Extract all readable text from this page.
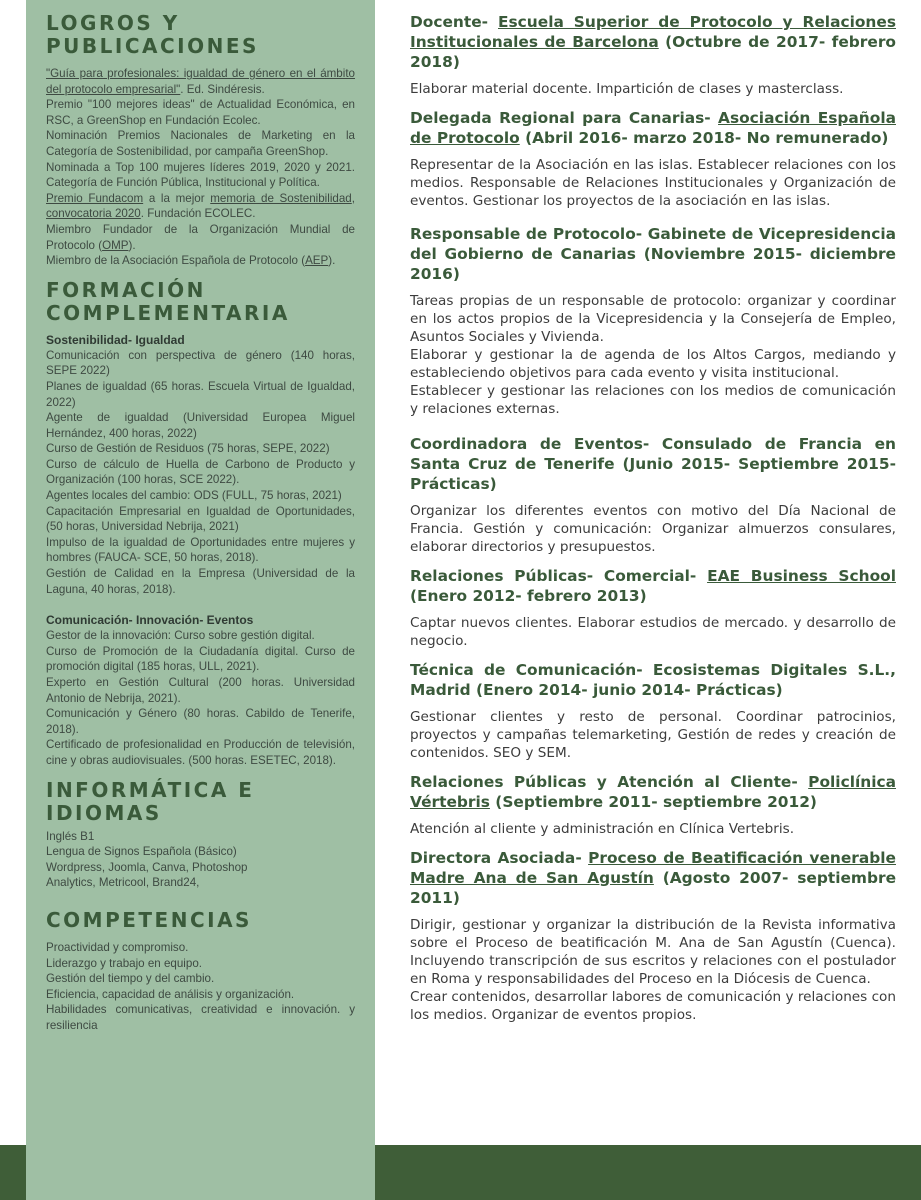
LOGROS Y PUBLICACIONES

"Guía para profesionales: igualdad de género en el ámbito del protocolo empresarial". Ed. Sindéresis.

Premio "100 mejores ideas" de Actualidad Económica, en RSC, a GreenShop en Fundación Ecolec.

Nominación Premios Nacionales de Marketing en la Categoría de Sostenibilidad, por campaña GreenShop.

Nominada a Top 100 mujeres líderes 2019, 2020 y 2021. Categoría de Función Pública, Institucional y Política.

Premio Fundacom a la mejor memoria de Sostenibilidad, convocatoria 2020. Fundación ECOLEC.

Miembro Fundador de la Organización Mundial de Protocolo (OMP).

Miembro de la Asociación Española de Protocolo (AEP).

FORMACIÓN
COMPLEMENTARIA

Sostenibilidad- Igualdad

Comunicación con perspectiva de género (140 horas, SEPE 2022)

Planes de igualdad (65 horas. Escuela Virtual de Igualdad, 2022)

Agente de igualdad (Universidad Europea Miguel Hernández, 400 horas, 2022)

Curso de Gestión de Residuos (75 horas, SEPE, 2022)

Curso de cálculo de Huella de Carbono de Producto y Organización (100 horas, SCE 2022).

Agentes locales del cambio: ODS (FULL, 75 horas, 2021)

Capacitación Empresarial en Igualdad de Oportunidades, (50 horas, Universidad Nebrija, 2021)

Impulso de la igualdad de Oportunidades entre mujeres y hombres (FAUCA- SCE, 50 horas, 2018).

Gestión de Calidad en la Empresa (Universidad de la Laguna, 40 horas, 2018).

Comunicación- Innovación- Eventos

Gestor de la innovación: Curso sobre gestión digital.

Curso de Promoción de la Ciudadanía digital. Curso de promoción digital (185 horas, ULL, 2021).

Experto en Gestión Cultural (200 horas. Universidad Antonio de Nebrija, 2021).

Comunicación y Género (80 horas. Cabildo de Tenerife, 2018).

Certificado de profesionalidad en Producción de televisión, cine y obras audiovisuales. (500 horas. ESETEC, 2018).

INFORMÁTICA E IDIOMAS

Inglés B1

Lengua de Signos Española (Básico)

Wordpress, Joomla, Canva, Photoshop

Analytics, Metricool, Brand24,

COMPETENCIAS

Proactividad y compromiso.

Liderazgo y trabajo en equipo.

Gestión del tiempo y del cambio.

Eficiencia, capacidad de análisis y organización.

Habilidades comunicativas, creatividad e innovación. y resiliencia

Docente- Escuela Superior de Protocolo y Relaciones Institucionales de Barcelona (Octubre de 2017- febrero 2018)

Elaborar material docente. Impartición de clases y masterclass.

Delegada Regional para Canarias- Asociación Española de Protocolo (Abril 2016- marzo 2018- No remunerado)

Representar de la Asociación en las islas. Establecer relaciones con los medios. Responsable de Relaciones Institucionales y Organización de eventos. Gestionar los proyectos de la asociación en las islas.

Responsable de Protocolo- Gabinete de Vicepresidencia del Gobierno de Canarias (Noviembre 2015- diciembre 2016)

Tareas propias de un responsable de protocolo: organizar y coordinar en los actos propios de la Vicepresidencia y la Consejería de Empleo, Asuntos Sociales y Vivienda.
Elaborar y gestionar la de agenda de los Altos Cargos, mediando y estableciendo objetivos para cada evento y visita institucional.
Establecer y gestionar las relaciones con los medios de comunicación y relaciones externas.

Coordinadora de Eventos- Consulado de Francia en Santa Cruz de Tenerife (Junio 2015- Septiembre 2015- Prácticas)

Organizar los diferentes eventos con motivo del Día Nacional de Francia. Gestión y comunicación: Organizar almuerzos consulares, elaborar directorios y presupuestos.

Relaciones Públicas- Comercial- EAE Business School (Enero 2012- febrero 2013)

Captar nuevos clientes. Elaborar estudios de mercado. y desarrollo de negocio.

Técnica de Comunicación- Ecosistemas Digitales S.L., Madrid (Enero 2014- junio 2014- Prácticas)

Gestionar clientes y resto de personal. Coordinar patrocinios, proyectos y campañas telemarketing, Gestión de redes y creación de contenidos. SEO y SEM.

Relaciones Públicas y Atención al Cliente- Policlínica Vértebris (Septiembre 2011- septiembre 2012)

Atención al cliente y administración en Clínica Vertebris.

Directora Asociada- Proceso de Beatificación venerable Madre Ana de San Agustín (Agosto 2007- septiembre 2011)

Dirigir, gestionar y organizar la distribución de la Revista informativa sobre el Proceso de beatificación M. Ana de San Agustín (Cuenca). Incluyendo transcripción de sus escritos y relaciones con el postulador en Roma y responsabilidades del Proceso en la Diócesis de Cuenca.
Crear contenidos, desarrollar labores de comunicación y relaciones con los medios. Organizar de eventos propios.
